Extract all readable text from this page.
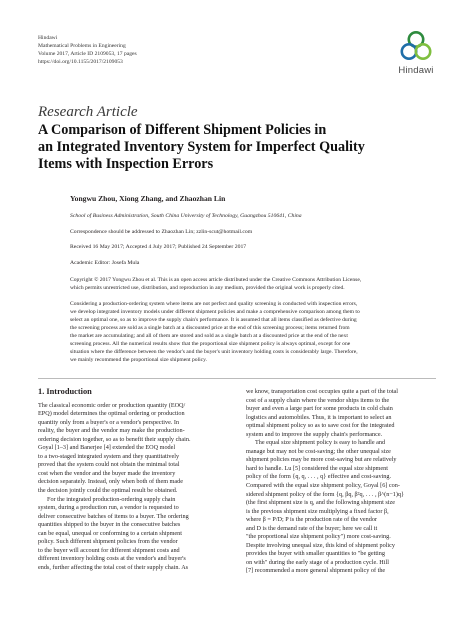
Hindawi
Mathematical Problems in Engineering
Volume 2017, Article ID 2109053, 17 pages
https://doi.org/10.1155/2017/2109053
Hindawi
Research Article
A Comparison of Different Shipment Policies in
an Integrated Inventory System for Imperfect Quality
Items with Inspection Errors
Yongwu Zhou, Xiong Zhang, and Zhaozhan Lin
School of Business Administration, South China University of Technology, Guangzhou 510641, China
Correspondence should be addressed to Zhaozhan Lin; zzlin-scut@hotmail.com
Received 16 May 2017; Accepted 4 July 2017; Published 24 September 2017
Academic Editor: Josefa Mula
Copyright © 2017 Yongwu Zhou et al. This is an open access article distributed under the Creative Commons Attribution License,
which permits unrestricted use, distribution, and reproduction in any medium, provided the original work is properly cited.
Considering a production-ordering system where items are not perfect and quality screening is conducted with inspection errors,
we develop integrated inventory models under different shipment policies and make a comprehensive comparison among them to
select an optimal one, so as to improve the supply chain's performance. It is assumed that all items classified as defective during
the screening process are sold as a single batch at a discounted price at the end of this screening process; items returned from
the market are accumulating; and all of them are stored and sold as a single batch at a discounted price at the end of the next
screening process. All the numerical results show that the proportional size shipment policy is always optimal, except for one
situation where the difference between the vendor's and the buyer's unit inventory holding costs is considerably large. Therefore,
we mainly recommend the proportional size shipment policy.
1. Introduction
The classical economic order or production quantity (EOQ/
EPQ) model determines the optimal ordering or production
quantity only from a buyer's or a vendor's perspective. In
reality, the buyer and the vendor may make the production-
ordering decision together, so as to benefit their supply chain.
Goyal [1–3] and Banerjee [4] extended the EOQ model
to a two-staged integrated system and they quantitatively
proved that the system could not obtain the minimal total
cost when the vendor and the buyer made the inventory
decision separately. Instead, only when both of them made
the decision jointly could the optimal result be obtained.
For the integrated production-ordering supply chain
system, during a production run, a vendor is requested to
deliver consecutive batches of items to a buyer. The ordering
quantities shipped to the buyer in the consecutive batches
can be equal, unequal or conforming to a certain shipment
policy. Such different shipment policies from the vendor
to the buyer will account for different shipment costs and
different inventory holding costs at the vendor's and buyer's
ends, further affecting the total cost of their supply chain. As
we know, transportation cost occupies quite a part of the total
cost of a supply chain where the vendor ships items to the
buyer and even a large part for some products in cold chain
logistics and automobiles. Thus, it is important to select an
optimal shipment policy so as to save cost for the integrated
system and to improve the supply chain's performance.
The equal size shipment policy is easy to handle and
manage but may not be cost-saving; the other unequal size
shipment policies may be more cost-saving but are relatively
hard to handle. Lu [5] considered the equal size shipment
policy of the form {q, q, . . . , q} effective and cost-saving.
Compared with the equal size shipment policy, Goyal [6] con-
sidered shipment policy of the form {q, βq, β²q, . . . , β^(n−1)q}
(the first shipment size is q, and the following shipment size
is the previous shipment size multiplying a fixed factor β,
where β = P/D; P is the production rate of the vendor
and D is the demand rate of the buyer; here we call it
"the proportional size shipment policy") more cost-saving.
Despite involving unequal size, this kind of shipment policy
provides the buyer with smaller quantities to "be getting
on with" during the early stage of a production cycle. Hill
[7] recommended a more general shipment policy of the
